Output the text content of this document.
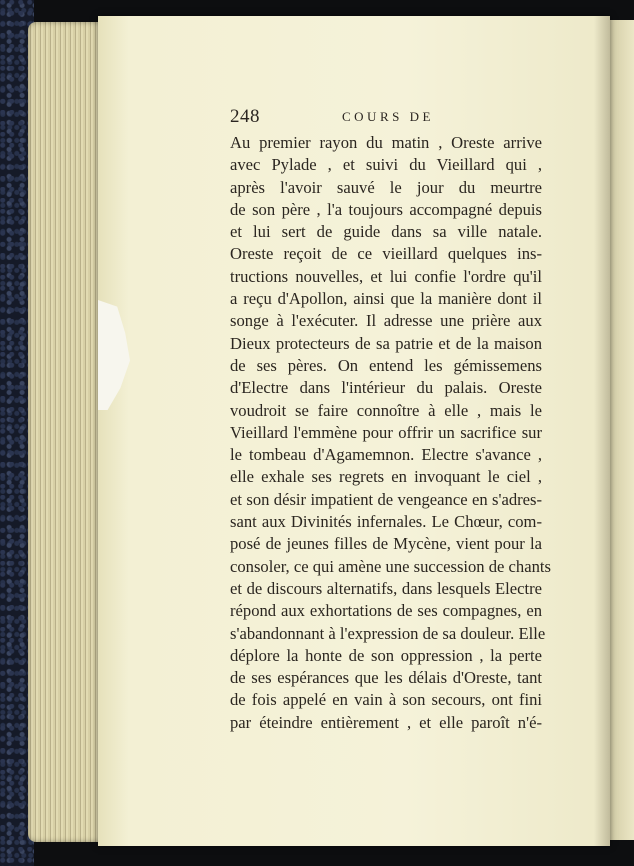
248	COURS DE
Au premier rayon du matin , Oreste arrive
avec Pylade , et suivi du Vieillard qui ,
après l'avoir sauvé le jour du meurtre
de son père , l'a toujours accompagné depuis
et lui sert de guide dans sa ville natale.
Oreste reçoit de ce vieillard quelques ins-
tructions nouvelles, et lui confie l'ordre qu'il
a reçu d'Apollon, ainsi que la manière dont il
songe à l'exécuter. Il adresse une prière aux
Dieux protecteurs de sa patrie et de la maison
de ses pères. On entend les gémissemens
d'Electre dans l'intérieur du palais. Oreste
voudroit se faire connoître à elle , mais le
Vieillard l'emmène pour offrir un sacrifice sur
le tombeau d'Agamemnon. Electre s'avance ,
elle exhale ses regrets en invoquant le ciel ,
et son désir impatient de vengeance en s'adres-
sant aux Divinités infernales. Le Chœur, com-
posé de jeunes filles de Mycène, vient pour la
consoler, ce qui amène une succession de chants
et de discours alternatifs, dans lesquels Electre
répond aux exhortations de ses compagnes, en
s'abandonnant à l'expression de sa douleur. Elle
déplore la honte de son oppression , la perte
de ses espérances que les délais d'Oreste, tant
de fois appelé en vain à son secours, ont fini
par éteindre entièrement , et elle paroît n'é-
